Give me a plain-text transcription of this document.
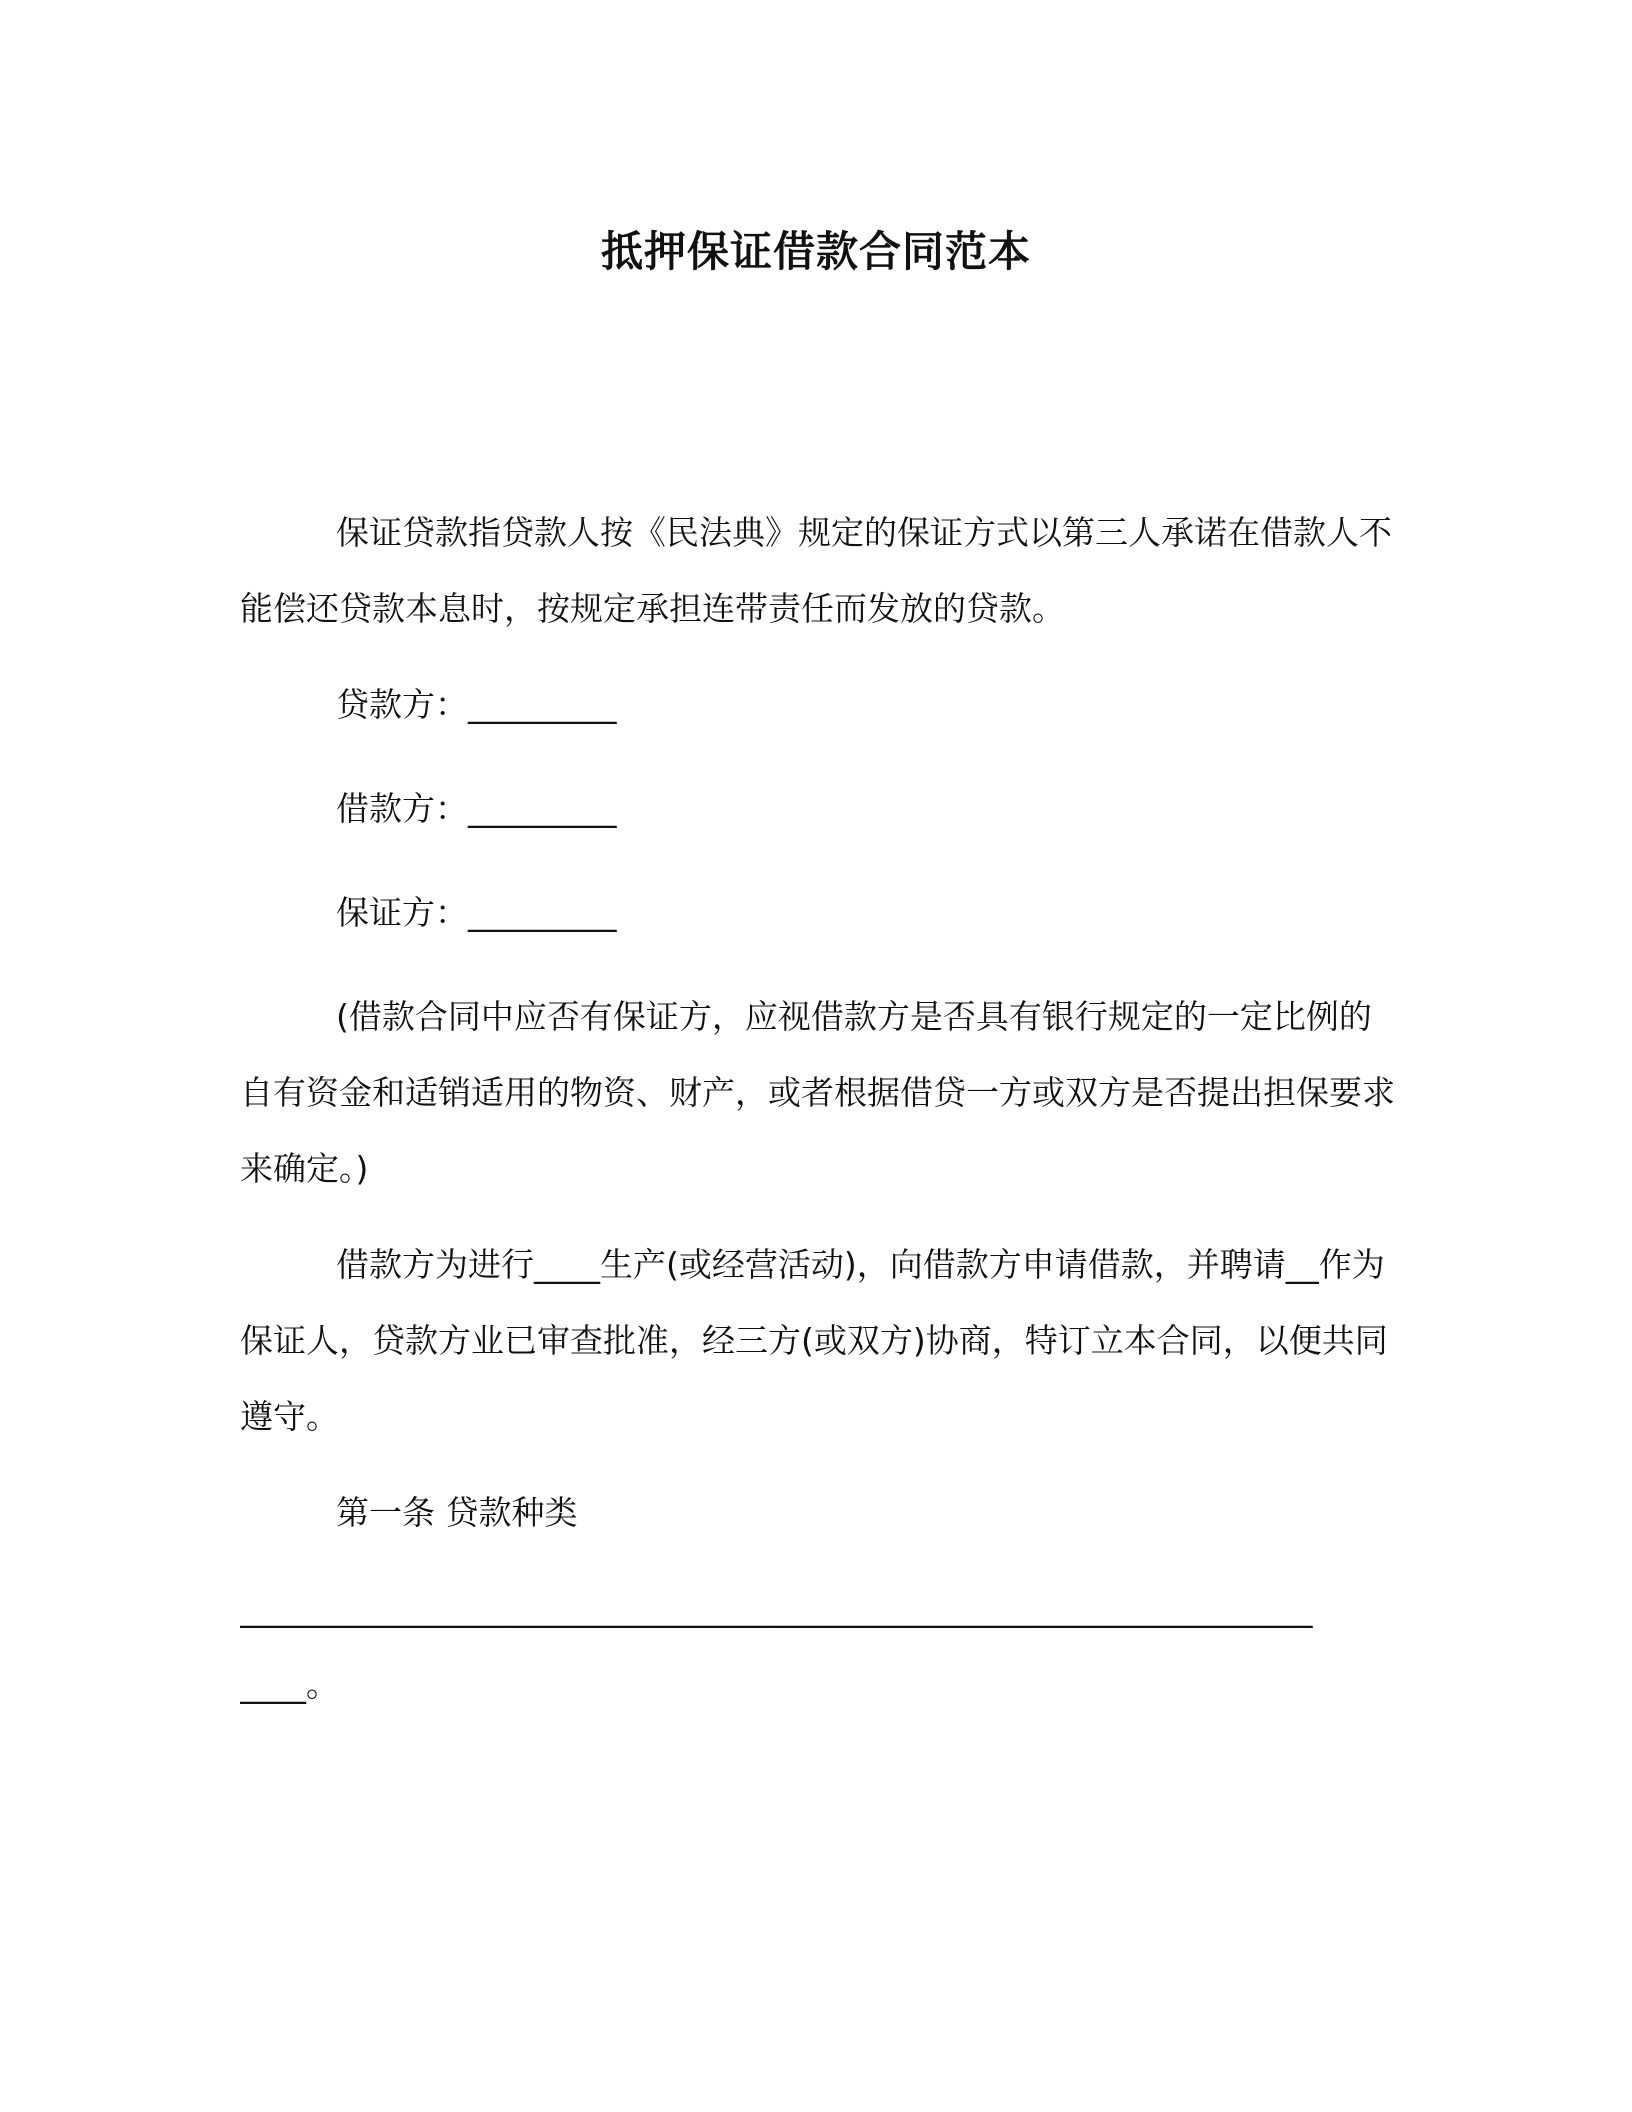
抵押保证借款合同范本

保证贷款指贷款人按《民法典》规定的保证方式以第三人承诺在借款人不能偿还贷款本息时，按规定承担连带责任而发放的贷款。

贷款方：_________
借款方：_________
保证方：_________

(借款合同中应否有保证方，应视借款方是否具有银行规定的一定比例的自有资金和适销适用的物资、财产，或者根据借贷一方或双方是否提出担保要求来确定。)

借款方为进行____生产(或经营活动)，向借款方申请借款，并聘请__作为保证人，贷款方业已审查批准，经三方(或双方)协商，特订立本合同，以便共同遵守。

第一条 贷款种类

_________________________________________________________________
____。
